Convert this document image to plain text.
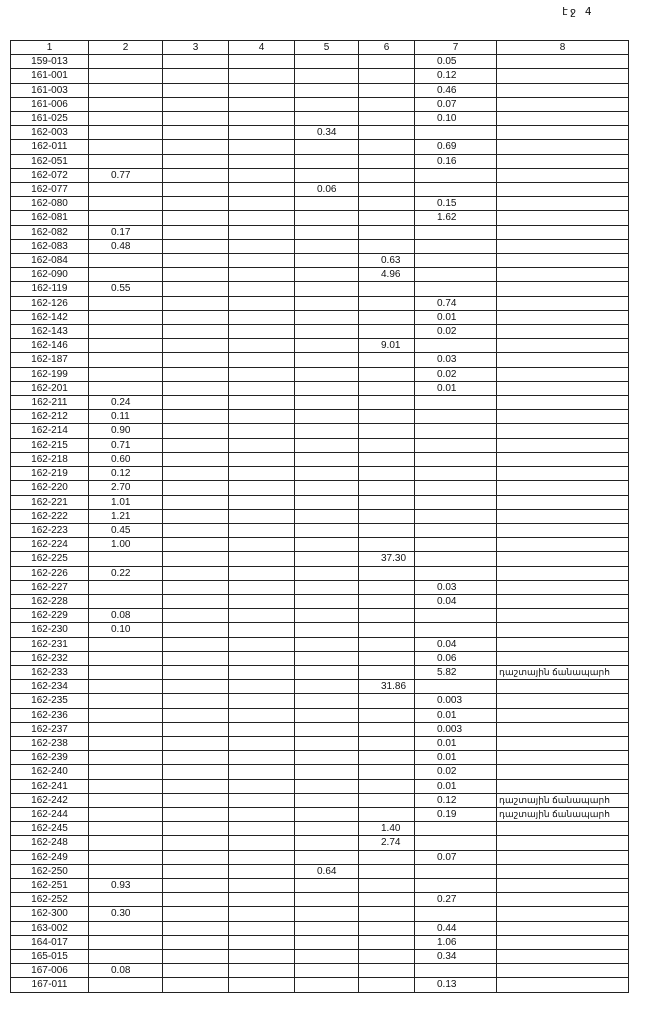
էջ 4
1	2	3	4	5	6	7	8
159-013						0.05	
161-001						0.12	
161-003						0.46	
161-006						0.07	
161-025						0.10	
162-003				0.34			
162-011						0.69	
162-051						0.16	
162-072	0.77						
162-077				0.06			
162-080						0.15	
162-081						1.62	
162-082	0.17						
162-083	0.48						
162-084					0.63		
162-090					4.96		
162-119	0.55						
162-126						0.74	
162-142						0.01	
162-143						0.02	
162-146					9.01		
162-187						0.03	
162-199						0.02	
162-201						0.01	
162-211	0.24						
162-212	0.11						
162-214	0.90						
162-215	0.71						
162-218	0.60						
162-219	0.12						
162-220	2.70						
162-221	1.01						
162-222	1.21						
162-223	0.45						
162-224	1.00						
162-225					37.30		
162-226	0.22						
162-227						0.03	
162-228						0.04	
162-229	0.08						
162-230	0.10						
162-231						0.04	
162-232						0.06	
162-233						5.82	դաշտային ճանապարհ
162-234					31.86		
162-235						0.003	
162-236						0.01	
162-237						0.003	
162-238						0.01	
162-239						0.01	
162-240						0.02	
162-241						0.01	
162-242						0.12	դաշտային ճանապարհ
162-244						0.19	դաշտային ճանապարհ
162-245					1.40		
162-248					2.74		
162-249						0.07	
162-250				0.64			
162-251	0.93						
162-252						0.27	
162-300	0.30						
163-002						0.44	
164-017						1.06	
165-015						0.34	
167-006	0.08						
167-011						0.13	
